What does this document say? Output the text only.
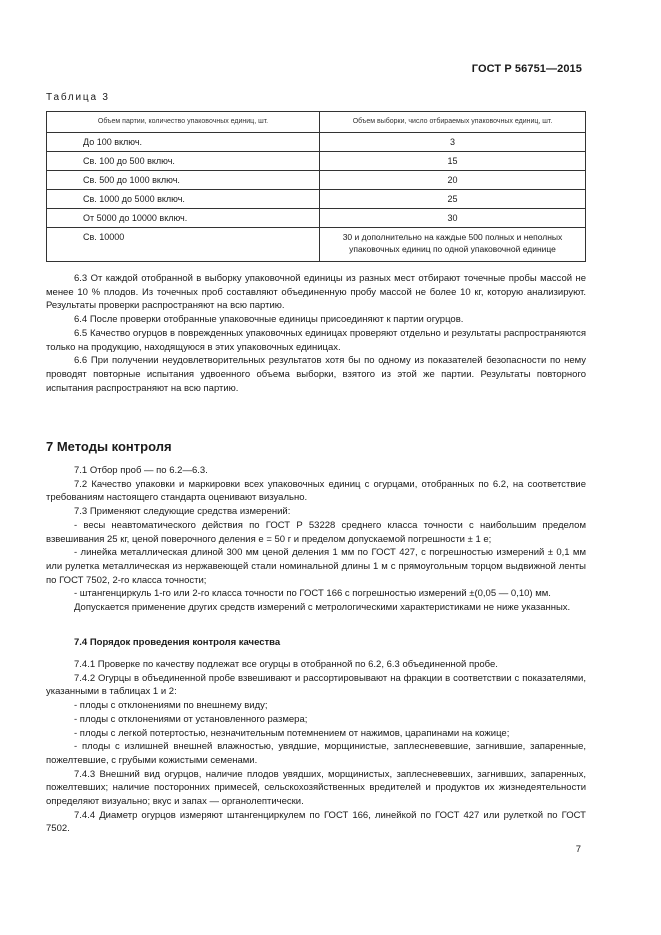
ГОСТ Р 56751—2015
Таблица 3
Объем партии, количество упаковочных единиц, шт.	Объем выборки, число отбираемых упаковочных единиц, шт.
До 100 включ.	3
Св. 100 до 500 включ.	15
Св. 500 до 1000 включ.	20
Св. 1000 до 5000 включ.	25
От 5000 до 10000 включ.	30
Св. 10000	30 и дополнительно на каждые 500 полных и неполных упаковочных единиц по одной упаковочной единице

6.3 От каждой отобранной в выборку упаковочной единицы из разных мест отбирают точечные пробы массой не менее 10 % плодов. Из точечных проб составляют объединенную пробу массой не более 10 кг, которую анализируют. Результаты проверки распространяют на всю партию.

6.4 После проверки отобранные упаковочные единицы присоединяют к партии огурцов.

6.5 Качество огурцов в поврежденных упаковочных единицах проверяют отдельно и результаты распространяются только на продукцию, находящуюся в этих упаковочных единицах.

6.6 При получении неудовлетворительных результатов хотя бы по одному из показателей безопасности по нему проводят повторные испытания удвоенного объема выборки, взятого из этой же партии. Результаты повторного испытания распространяют на всю партию.

7 Методы контроля

7.1 Отбор проб — по 6.2—6.3.

7.2 Качество упаковки и маркировки всех упаковочных единиц с огурцами, отобранных по 6.2, на соответствие требованиям настоящего стандарта оценивают визуально.

7.3 Применяют следующие средства измерений:

- весы неавтоматического действия по ГОСТ Р 53228 среднего класса точности с наибольшим пределом взвешивания 25 кг, ценой поверочного деления е = 50 г и пределом допускаемой погрешности ± 1 е;

- линейка металлическая длиной 300 мм ценой деления 1 мм по ГОСТ 427, с погрешностью измерений ± 0,1 мм или рулетка металлическая из нержавеющей стали номинальной длины 1 м с прямоугольным торцом выдвижной ленты по ГОСТ 7502, 2-го класса точности;

- штангенциркуль 1-го или 2-го класса точности по ГОСТ 166 с погрешностью измерений ±(0,05 — 0,10) мм.

Допускается применение других средств измерений с метрологическими характеристиками не ниже указанных.

7.4 Порядок проведения контроля качества

7.4.1 Проверке по качеству подлежат все огурцы в отобранной по 6.2, 6.3 объединенной пробе.

7.4.2 Огурцы в объединенной пробе взвешивают и рассортировывают на фракции в соответствии с показателями, указанными в таблицах 1 и 2:

- плоды с отклонениями по внешнему виду;

- плоды с отклонениями от установленного размера;

- плоды с легкой потертостью, незначительным потемнением от нажимов, царапинами на кожице;

- плоды с излишней внешней влажностью, увядшие, морщинистые, заплесневевшие, загнившие, запаренные, пожелтевшие, с грубыми кожистыми семенами.

7.4.3 Внешний вид огурцов, наличие плодов увядших, морщинистых, заплесневевших, загнивших, запаренных, пожелтевших; наличие посторонних примесей, сельскохозяйственных вредителей и продуктов их жизнедеятельности определяют визуально; вкус и запах — органолептически.

7.4.4 Диаметр огурцов измеряют штангенциркулем по ГОСТ 166, линейкой по ГОСТ 427 или рулеткой по ГОСТ 7502.

7
